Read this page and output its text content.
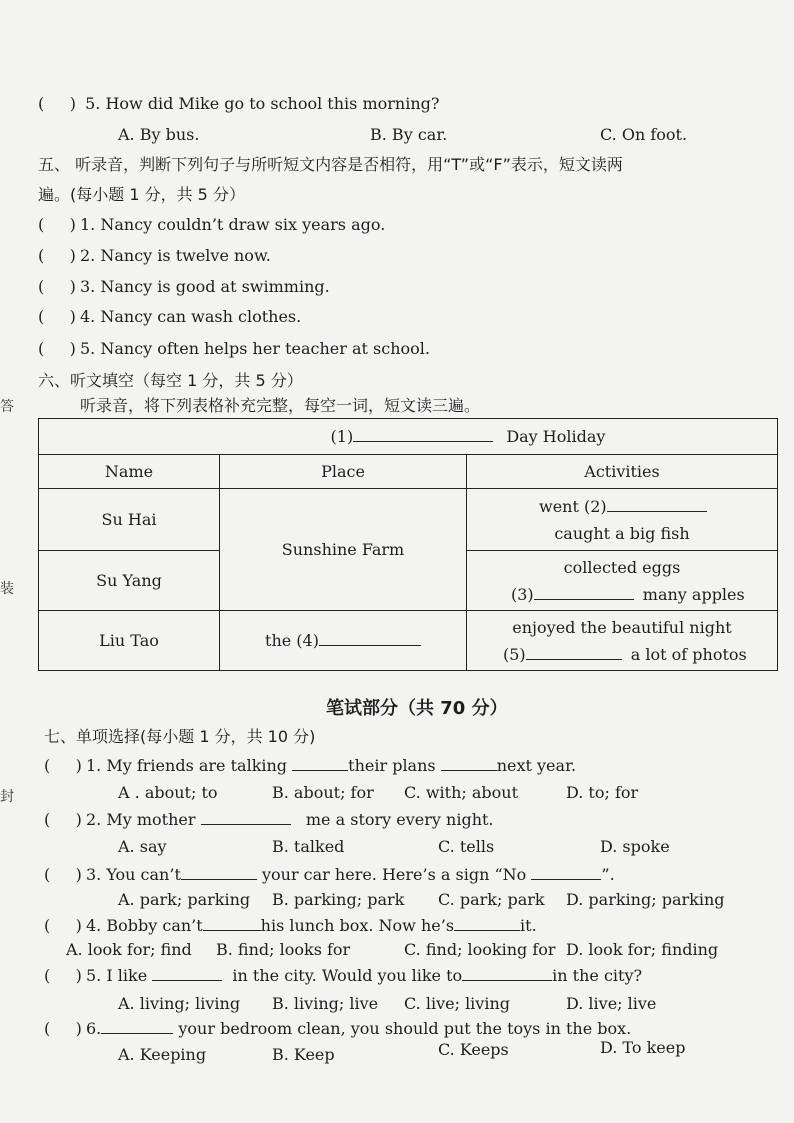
( ) 5. How did Mike go to school this morning?
A. By bus.	B. By car.	C. On foot.
五、 听录音，判断下列句子与所听短文内容是否相符，用“T”或“F”表示，短文读两
遍。(每小题 1 分，共 5 分）
(     ) 1. Nancy couldn’t draw six years ago.
(     ) 2. Nancy is twelve now.
(     ) 3. Nancy is good at swimming.
(     ) 4. Nancy can wash clothes.
(     ) 5. Nancy often helps her teacher at school.
六、听文填空（每空 1 分，共 5 分）
听录音，将下列表格补充完整，每空一词，短文读三遍。
(1) Day Holiday		
Name	Place	Activities
Su Hai	Sunshine Farm	went (2)
caught a big fish

Su Yang		collected eggs
(3) many apples

Liu Tao	the (4)	enjoyed the beautiful night
(5) a lot of photos
笔试部分（共 70 分）
七、单项选择(每小题 1 分，共 10 分)
(     ) 1. My friends are talking	their plans	next year.
A . about; to	B. about; for C. with; about	D. to; for
(     ) 2. My mother	me a story every night.
A. say	B. talked	C. tells	D. spoke
(     ) 3. You can’t	your car here. Here’s a sign “No	”.
A. park; parking B. parking; park C. park; park D. parking; parking
(     ) 4. Bobby can’t	his lunch box. Now he’s	it.
A. look for; find B. find; looks for	C. find; looking for D. look for; finding
(     ) 5. I like	in the city. Would you like to	in the city?
A. living; living B. living; live C. live; living	D. live; live
(     ) 6.	your bedroom clean, you should put the toys in the box.
A. Keeping	B. Keep	C. Keeps	D. To keep
答
装
封
